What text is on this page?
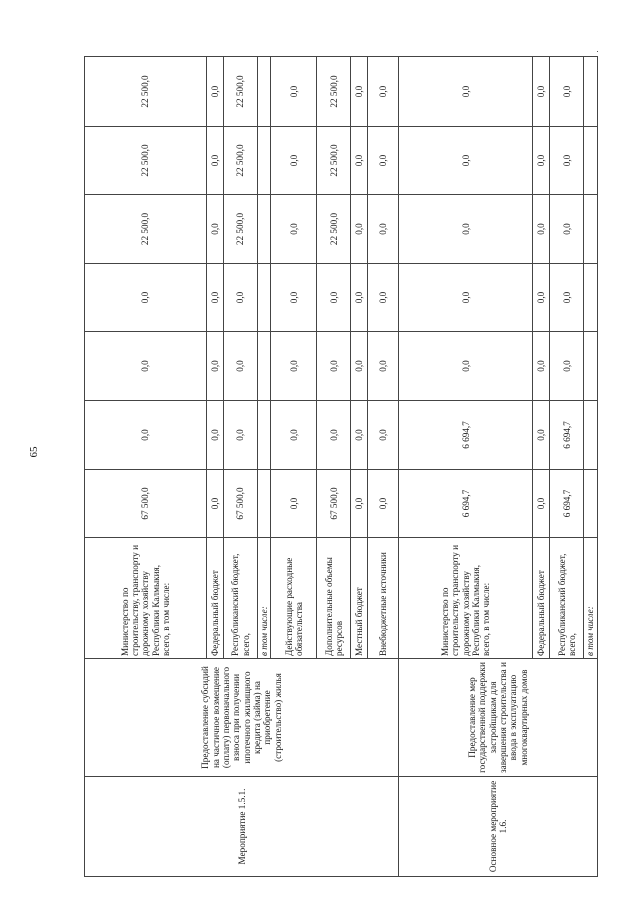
65
Мероприятие 1.5.1.	Предоставление субсидий на частичное возмещение (оплату) первоначального взноса при получении ипотечного жилищного кредита (займа) на приобретение (строительство) жилья	Министерство по строительству, транспорту и дорожному хозяйству Республики Калмыкия, всего, в том числе:	67 500,0	0,0	0,0	0,0	22 500,0	22 500,0	22 500,0
		Федеральный бюджет	0,0	0,0	0,0	0,0	0,0	0,0	0,0
		Республиканский бюджет, всего,	67 500,0	0,0	0,0	0,0	22 500,0	22 500,0	22 500,0
		в том числе:							
		Действующие расходные обязательства	0,0	0,0	0,0	0,0	0,0	0,0	0,0
		Дополнительные объемы ресурсов	67 500,0	0,0	0,0	0,0	22 500,0	22 500,0	22 500,0
		Местный бюджет	0,0	0,0	0,0	0,0	0,0	0,0	0,0
		Внебюджетные источники	0,0	0,0	0,0	0,0	0,0	0,0	0,0
Основное мероприятие 1.6.	Предоставление мер государственной поддержки застройщикам для завершения строительства и ввода в эксплуатацию многоквартирных домов	Министерство по строительству, транспорту и дорожному хозяйству Республики Калмыкия, всего, в том числе:	6 694,7	6 694,7	0,0	0,0	0,0	0,0	0,0
		Федеральный бюджет	0,0	0,0	0,0	0,0	0,0	0,0	0,0
		Республиканский бюджет, всего,	6 694,7	6 694,7	0,0	0,0	0,0	0,0	0,0
		в том числе:							
